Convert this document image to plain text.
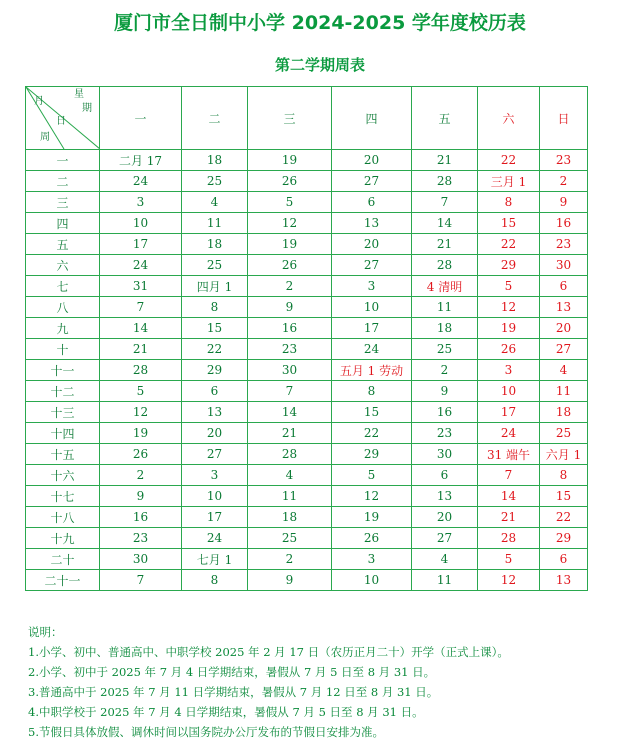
厦门市全日制中小学 2024-2025 学年度校历表
第二学期周表
月
星
期
日
周	一	二	三	四	五	六	日
一	二月 17	18	19	20	21	22	23
二	24	25	26	27	28	三月 1	2
三	3	4	5	6	7	8	9
四	10	11	12	13	14	15	16
五	17	18	19	20	21	22	23
六	24	25	26	27	28	29	30
七	31	四月 1	2	3	4 清明	5	6
八	7	8	9	10	11	12	13
九	14	15	16	17	18	19	20
十	21	22	23	24	25	26	27
十一	28	29	30	五月 1 劳动	2	3	4
十二	5	6	7	8	9	10	11
十三	12	13	14	15	16	17	18
十四	19	20	21	22	23	24	25
十五	26	27	28	29	30	31 端午	六月 1
十六	2	3	4	5	6	7	8
十七	9	10	11	12	13	14	15
十八	16	17	18	19	20	21	22
十九	23	24	25	26	27	28	29
二十	30	七月 1	2	3	4	5	6
二十一	7	8	9	10	11	12	13
说明：
1.小学、初中、普通高中、中职学校 2025 年 2 月 17 日（农历正月二十）开学（正式上课）。
2.小学、初中于 2025 年 7 月 4 日学期结束，暑假从 7 月 5 日至 8 月 31 日。
3.普通高中于 2025 年 7 月 11 日学期结束，暑假从 7 月 12 日至 8 月 31 日。
4.中职学校于 2025 年 7 月 4 日学期结束，暑假从 7 月 5 日至 8 月 31 日。
5.节假日具体放假、调休时间以国务院办公厅发布的节假日安排为准。
